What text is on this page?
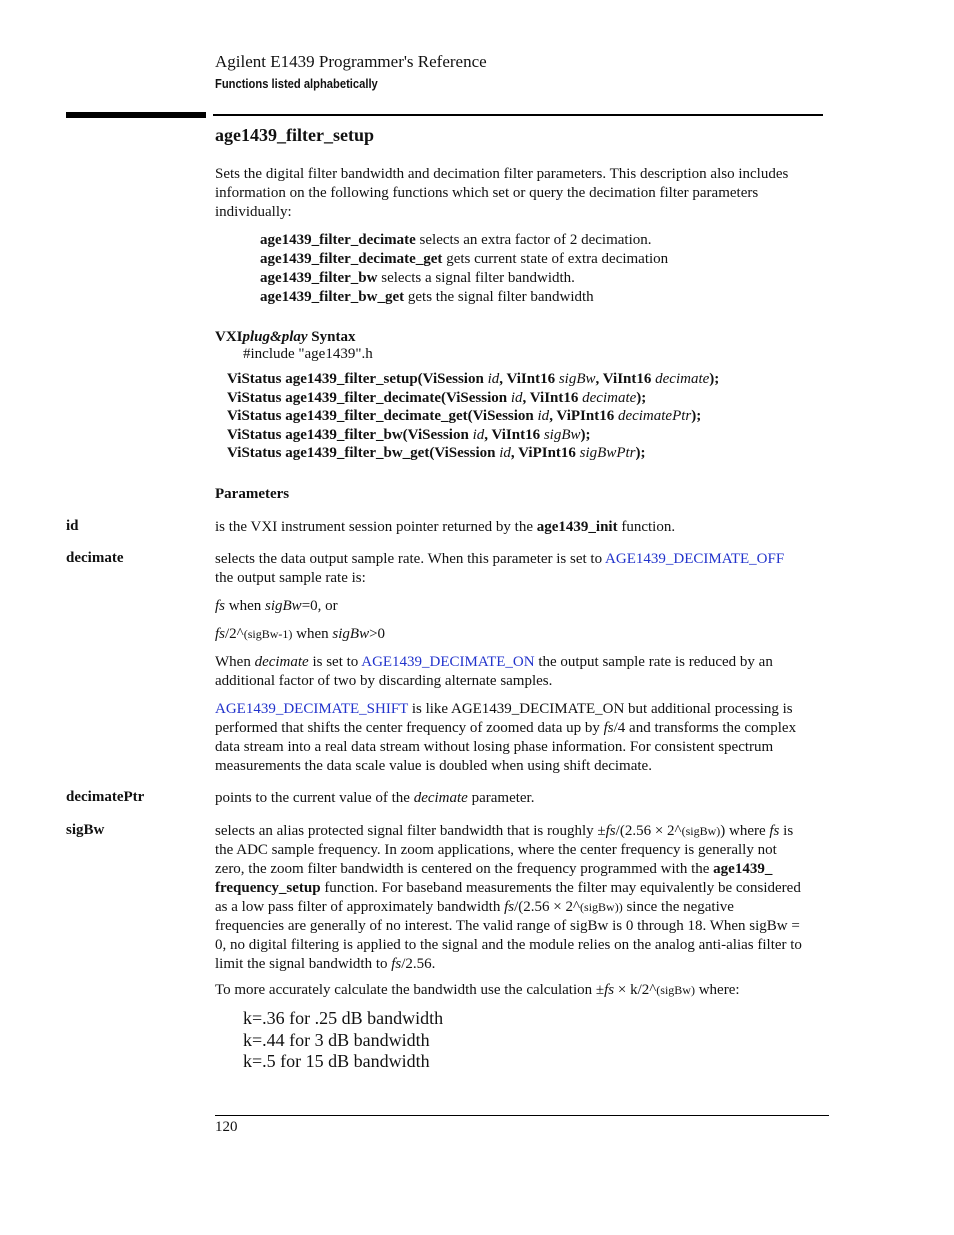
Agilent E1439 Programmer's Reference
Functions listed alphabetically
age1439_filter_setup
Sets the digital filter bandwidth and decimation filter parameters. This description also includes
information on the following functions which set or query the decimation filter parameters
individually:
age1439_filter_decimate selects an extra factor of 2 decimation.
age1439_filter_decimate_get gets current state of extra decimation
age1439_filter_bw selects a signal filter bandwidth.
age1439_filter_bw_get gets the signal filter bandwidth
VXIplug&play Syntax
#include "age1439".h
ViStatus age1439_filter_setup(ViSession id, ViInt16 sigBw, ViInt16 decimate);
ViStatus age1439_filter_decimate(ViSession id, ViInt16 decimate);
ViStatus age1439_filter_decimate_get(ViSession id, ViPInt16 decimatePtr);
ViStatus age1439_filter_bw(ViSession id, ViInt16 sigBw);
ViStatus age1439_filter_bw_get(ViSession id, ViPInt16 sigBwPtr);
Parameters
id	is the VXI instrument session pointer returned by the age1439_init function.
decimate	selects the data output sample rate. When this parameter is set to AGE1439_DECIMATE_OFF
the output sample rate is:
fs when sigBw=0, or
fs/2^(sigBw-1) when sigBw>0
When decimate is set to AGE1439_DECIMATE_ON the output sample rate is reduced by an
additional factor of two by discarding alternate samples.
AGE1439_DECIMATE_SHIFT is like AGE1439_DECIMATE_ON but additional processing is
performed that shifts the center frequency of zoomed data up by fs/4 and transforms the complex
data stream into a real data stream without losing phase information. For consistent spectrum
measurements the data scale value is doubled when using shift decimate.
decimatePtr	points to the current value of the decimate parameter.
sigBw	selects an alias protected signal filter bandwidth that is roughly ±fs/(2.56 × 2^(sigBw)) where fs is
the ADC sample frequency. In zoom applications, where the center frequency is generally not
zero, the zoom filter bandwidth is centered on the frequency programmed with the age1439_
frequency_setup function. For baseband measurements the filter may equivalently be considered
as a low pass filter of approximately bandwidth fs/(2.56 × 2^(sigBw)) since the negative
frequencies are generally of no interest. The valid range of sigBw is 0 through 18. When sigBw =
0, no digital filtering is applied to the signal and the module relies on the analog anti-alias filter to
limit the signal bandwidth to fs/2.56.
To more accurately calculate the bandwidth use the calculation ±fs × k/2^(sigBw) where:
k=.36 for .25 dB bandwidth
k=.44 for 3 dB bandwidth
k=.5 for 15 dB bandwidth
120
